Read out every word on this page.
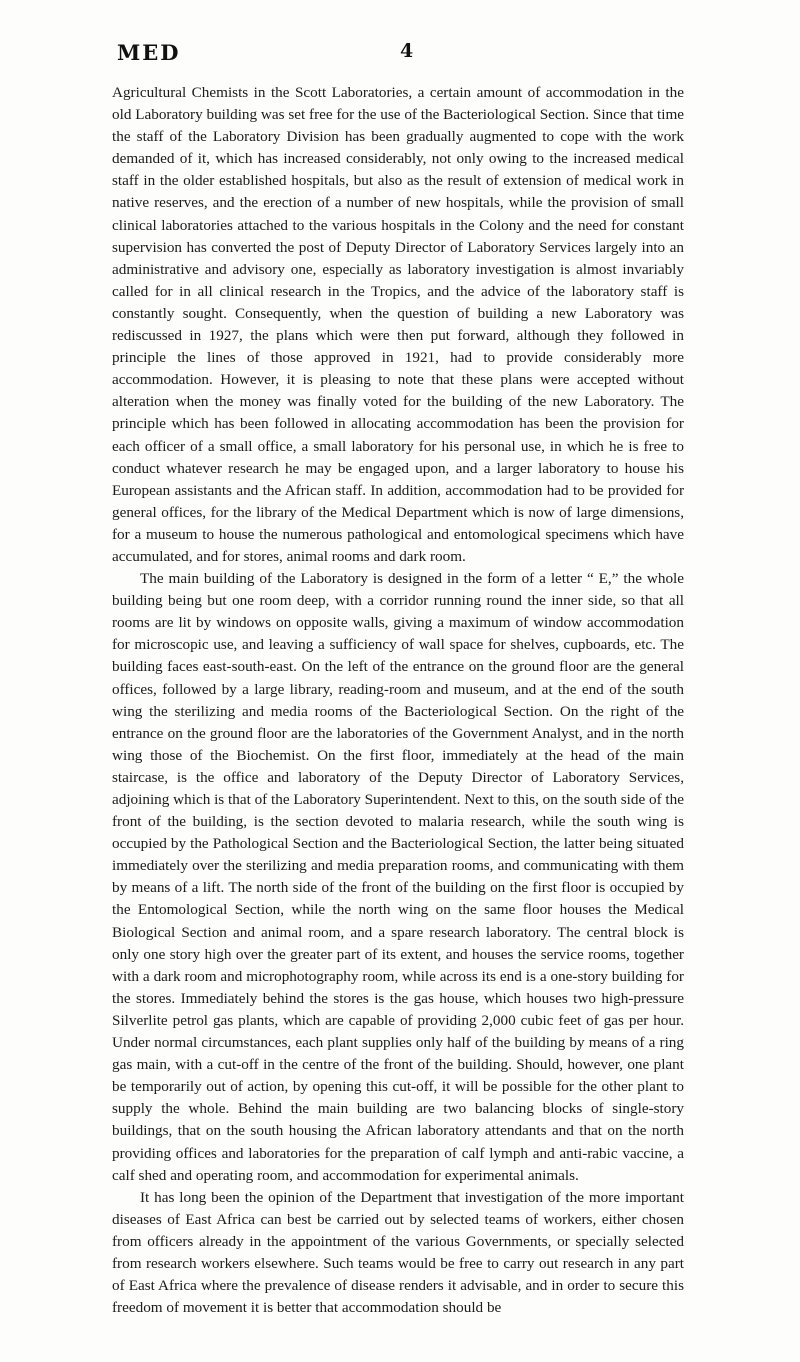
MED	4

Agricultural Chemists in the Scott Laboratories, a certain amount of accommodation in the old Laboratory building was set free for the use of the Bacteriological Section. Since that time the staff of the Laboratory Division has been gradually augmented to cope with the work demanded of it, which has increased considerably, not only owing to the increased medical staff in the older established hospitals, but also as the result of extension of medical work in native reserves, and the erection of a number of new hospitals, while the provision of small clinical laboratories attached to the various hospitals in the Colony and the need for constant supervision has converted the post of Deputy Director of Laboratory Services largely into an administrative and advisory one, especially as laboratory investigation is almost invariably called for in all clinical research in the Tropics, and the advice of the laboratory staff is constantly sought. Consequently, when the question of building a new Laboratory was rediscussed in 1927, the plans which were then put forward, although they followed in principle the lines of those approved in 1921, had to provide considerably more accommodation. However, it is pleasing to note that these plans were accepted without alteration when the money was finally voted for the building of the new Laboratory. The principle which has been followed in allocating accommodation has been the provision for each officer of a small office, a small laboratory for his personal use, in which he is free to conduct whatever research he may be engaged upon, and a larger laboratory to house his European assistants and the African staff. In addition, accommodation had to be provided for general offices, for the library of the Medical Department which is now of large dimensions, for a museum to house the numerous pathological and entomological specimens which have accumulated, and for stores, animal rooms and dark room.

The main building of the Laboratory is designed in the form of a letter “ E,” the whole building being but one room deep, with a corridor running round the inner side, so that all rooms are lit by windows on opposite walls, giving a maximum of window accommodation for microscopic use, and leaving a sufficiency of wall space for shelves, cupboards, etc. The building faces east-south-east. On the left of the entrance on the ground floor are the general offices, followed by a large library, reading-room and museum, and at the end of the south wing the sterilizing and media rooms of the Bacteriological Section. On the right of the entrance on the ground floor are the laboratories of the Government Analyst, and in the north wing those of the Biochemist. On the first floor, immediately at the head of the main staircase, is the office and laboratory of the Deputy Director of Laboratory Services, adjoining which is that of the Laboratory Superintendent. Next to this, on the south side of the front of the building, is the section devoted to malaria research, while the south wing is occupied by the Pathological Section and the Bacteriological Section, the latter being situated immediately over the sterilizing and media preparation rooms, and communicating with them by means of a lift. The north side of the front of the building on the first floor is occupied by the Entomological Section, while the north wing on the same floor houses the Medical Biological Section and animal room, and a spare research laboratory. The central block is only one story high over the greater part of its extent, and houses the service rooms, together with a dark room and microphotography room, while across its end is a one-story building for the stores. Immediately behind the stores is the gas house, which houses two high-pressure Silverlite petrol gas plants, which are capable of providing 2,000 cubic feet of gas per hour. Under normal circumstances, each plant supplies only half of the building by means of a ring gas main, with a cut-off in the centre of the front of the building. Should, however, one plant be temporarily out of action, by opening this cut-off, it will be possible for the other plant to supply the whole. Behind the main building are two balancing blocks of single-story buildings, that on the south housing the African laboratory attendants and that on the north providing offices and laboratories for the preparation of calf lymph and anti-rabic vaccine, a calf shed and operating room, and accommodation for experimental animals.

It has long been the opinion of the Department that investigation of the more important diseases of East Africa can best be carried out by selected teams of workers, either chosen from officers already in the appointment of the various Governments, or specially selected from research workers elsewhere. Such teams would be free to carry out research in any part of East Africa where the prevalence of disease renders it advisable, and in order to secure this freedom of movement it is better that accommodation should be
